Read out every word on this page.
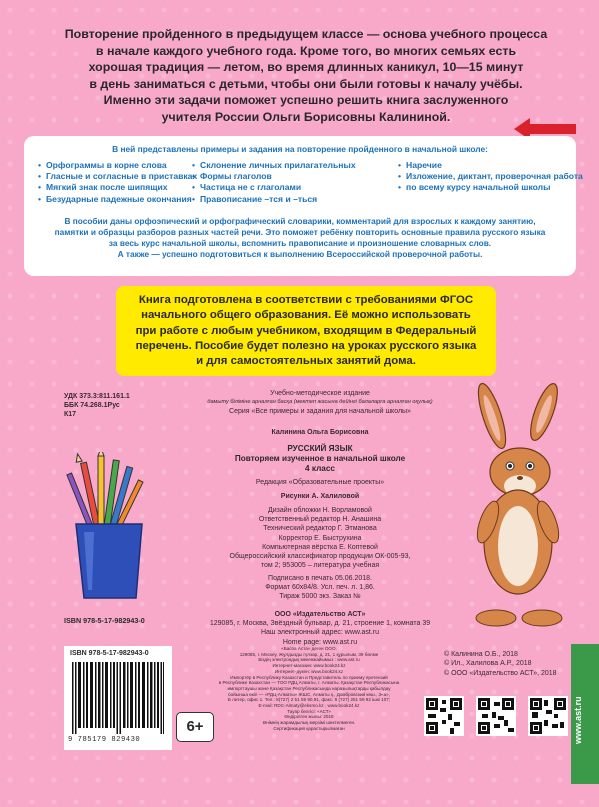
Повторение пройденного в предыдущем классе — основа учебного процесса

в начале каждого учебного года. Кроме того, во многих семьях есть

хорошая традиция — летом, во время длинных каникул, 10—15 минут

в день заниматься с детьми, чтобы они были готовы к началу учёбы.

Именно эти задачи поможет успешно решить книга заслуженного

учителя России Ольги Борисовны Калининой.

В ней представлены примеры и задания на повторение пройденного в начальной школе:
• Орфограммы в корне слова
• Гласные и согласные в приставках
• Мягкий знак после шипящих
• Безударные падежные окончания
• Склонение личных прилагательных
• Формы глаголов
• Частица не с глаголами
• Правописание –тся и –ться
• Наречие
• Изложение, диктант, проверочная работа
• по всему курсу начальной школы
В пособии даны орфоэпический и орфографический словарики, комментарий для взрослых к каждому занятию,
памятки и образцы разборов разных частей речи. Это поможет ребёнку повторить основные правила русского языка
за весь курс начальной школы, вспомнить правописание и произношение словарных слов.
А также — успешно подготовиться к выполнению Всероссийской проверочной работы.
Книга подготовлена в соответствии с требованиями ФГОС
начального общего образования. Её можно использовать
при работе с любым учебником, входящим в Федеральный
перечень. Пособие будет полезно на уроках русского языка
и для самостоятельных занятий дома.
УДК 373.3:811.161.1
ББК 74.268.1Рус
К17
Учебно-методическое издание
дамыту бiлiмiне арналған басқа (мектеп жасына дейiнгi балаларға арналған оқулық)
Серия «Все примеры и задания для начальной школы»
Калинина Ольга Борисовна
РУССКИЙ ЯЗЫК
Повторяем изученное в начальной школе
4 класс
Редакция «Образовательные проекты»
Рисунки А. Халиловой
Дизайн обложки Н. Ворламовой
Ответственный редактор Н. Анашина
Технический редактор Г. Этманова
Корректор Е. Быструхина
Компьютерная вёрстка Е. Коптевой
Общероссийский классификатор продукции ОК-005-93,
том 2; 953005 – литература учебная
Подписано в печать 05.06.2018.
Формат 60x84/8. Усл. печ. л. 1,86.
Тираж 5000 экз. Заказ №
ООО «Издательство АСТ»
129085, г. Москва, Звёздный бульвар, д. 21, строение 1, комната 39
Наш электронный адрес: www.ast.ru
Home page: www.ast.ru
ISBN 978-5-17-982943-0
«Баспа Аста» деген ООО.
129085, г. Мәскеу, Жұлдызды гүлзар, д. 21, 1 құрылым, 39 бөлме
Біздің электрондық мекенжайымыз : www.ast.ru
Интернет-магазин: www.book24.kz
Интернет-дүкен: www.book24.kz
Импортёр в Республику Казахстан и Представитель по приему претензий
в Республике Казахстан — ТОО РДЦ Алматы, г. Алматы. Қазақстан Республикасына
импорттаушы және Қазақстан Республикасында наразылықтарды қабылдау
бойынша өкіл — «РДЦ-Алматы» ЖШС, Алматы қ., Домбровский көш., 3«а»,
Б литер, офис 1. Тел.: 8(727) 2 51 59 90,91, факс: 8 (727) 251 59 92 ішкі 107;
E-mail: RDC-Almaty@eksmo.kz , www.book24.kz
Тауар белгісі: «АСТ»
Өндірілген жылы: 2018
Өнімнің жарамдылық мерзімі шектелмеген.
Сертификация қарастырылмаған
© Калинина О.Б., 2018
© Ил., Халилова А.Р., 2018
© ООО «Издательство АСТ», 2018
ISBN 978-5-17-982943-0
9 785179 829430
6+	www.ast.ru
